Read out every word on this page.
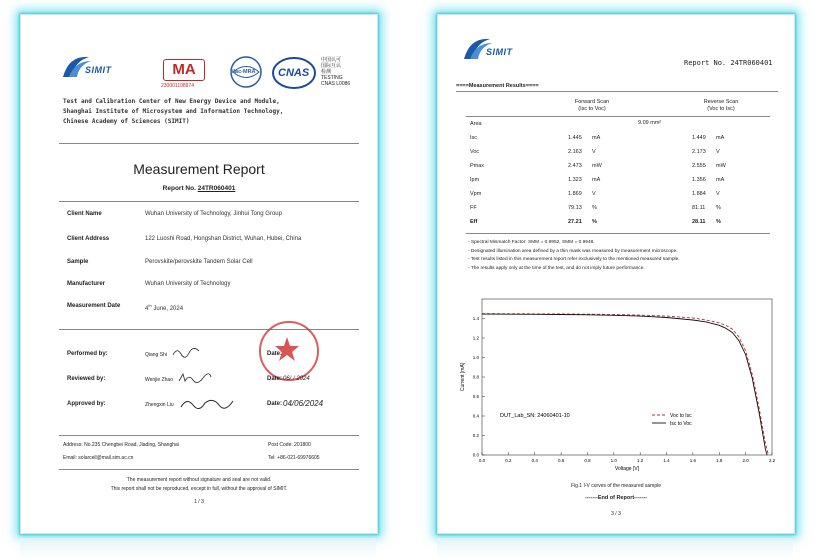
SIMIT	MA
230001108974
ilac-MRA CNAS
中国认可
国际互认
检测
TESTING
CNAS L0086
Test and Calibration Center of New Energy Device and Module,
Shanghai Institute of Microsystem and Information Technology,
Chinese Academy of Sciences (SIMIT)
Measurement Report
Report No. 24TR060401
Client Name	Wuhan University of Technology, Jinhui Tong Group
Client Address	122 Luoshi Road, Hongshan District, Wuhan, Hubei, China
Sample	Perovskite/perovskite Tandem Solar Cell
Manufacturer	Wuhan University of Technology
Measurement Date	4th June, 2024
Performed by:	Qiang Shi	Date:
Reviewed by:	Wenjie Zhao	Date: 06/ / 2024
Approved by:	Zhengxin Liu	Date: 04/06/2024
Address: No.235 Chengbei Road, Jiading, Shanghai	Post Code: 201800
Email: solarcell@mail.sim.ac.cn	Tel: +86-021-69976605
The measurement report without signature and seal are not valid.
This report shall not be reproduced, except in full, without the approval of SIMIT.
1 / 3
SIMIT
Report No. 24TR060401
====Measurement Results====
Forward Scan
(Isc to Voc)
Reverse Scan
(Voc to Isc)
Area	9.09 mm²
Isc	1.445 mA	1.449 mA
Voc	2.163 V	2.173 V
Pmax	2.473 mW	2.555 mW
Ipm	1.323 mA	1.356 mA
Vpm	1.869 V	1.884 V
FF	79.13 %	81.11 %
Eff	27.21 %	28.11 %
- Spectral Mismatch Factor: SMM = 0.9952, SMM = 0.9948.
- Designated illumination area defined by a thin mask was measured by measurement microscope.
- Test results listed in this measurement report refer exclusively to the mentioned measured sample.
- The results apply only at the time of the test, and do not imply future performance.
0.0	0.2	0.4	0.6	0.8	1.0	1.2	1.4	1.6	1.8	2.0	2.2
0.0
0.2
0.4
0.6
0.8
1.0
1.2
1.4
Voltage [V]
Current [mA]
DUT_Lab_SN: 24060401-10	Voc to Isc
Isc to Voc
Fig.1 I-V curves of the measured sample
-------End of Report-------
3 / 3
